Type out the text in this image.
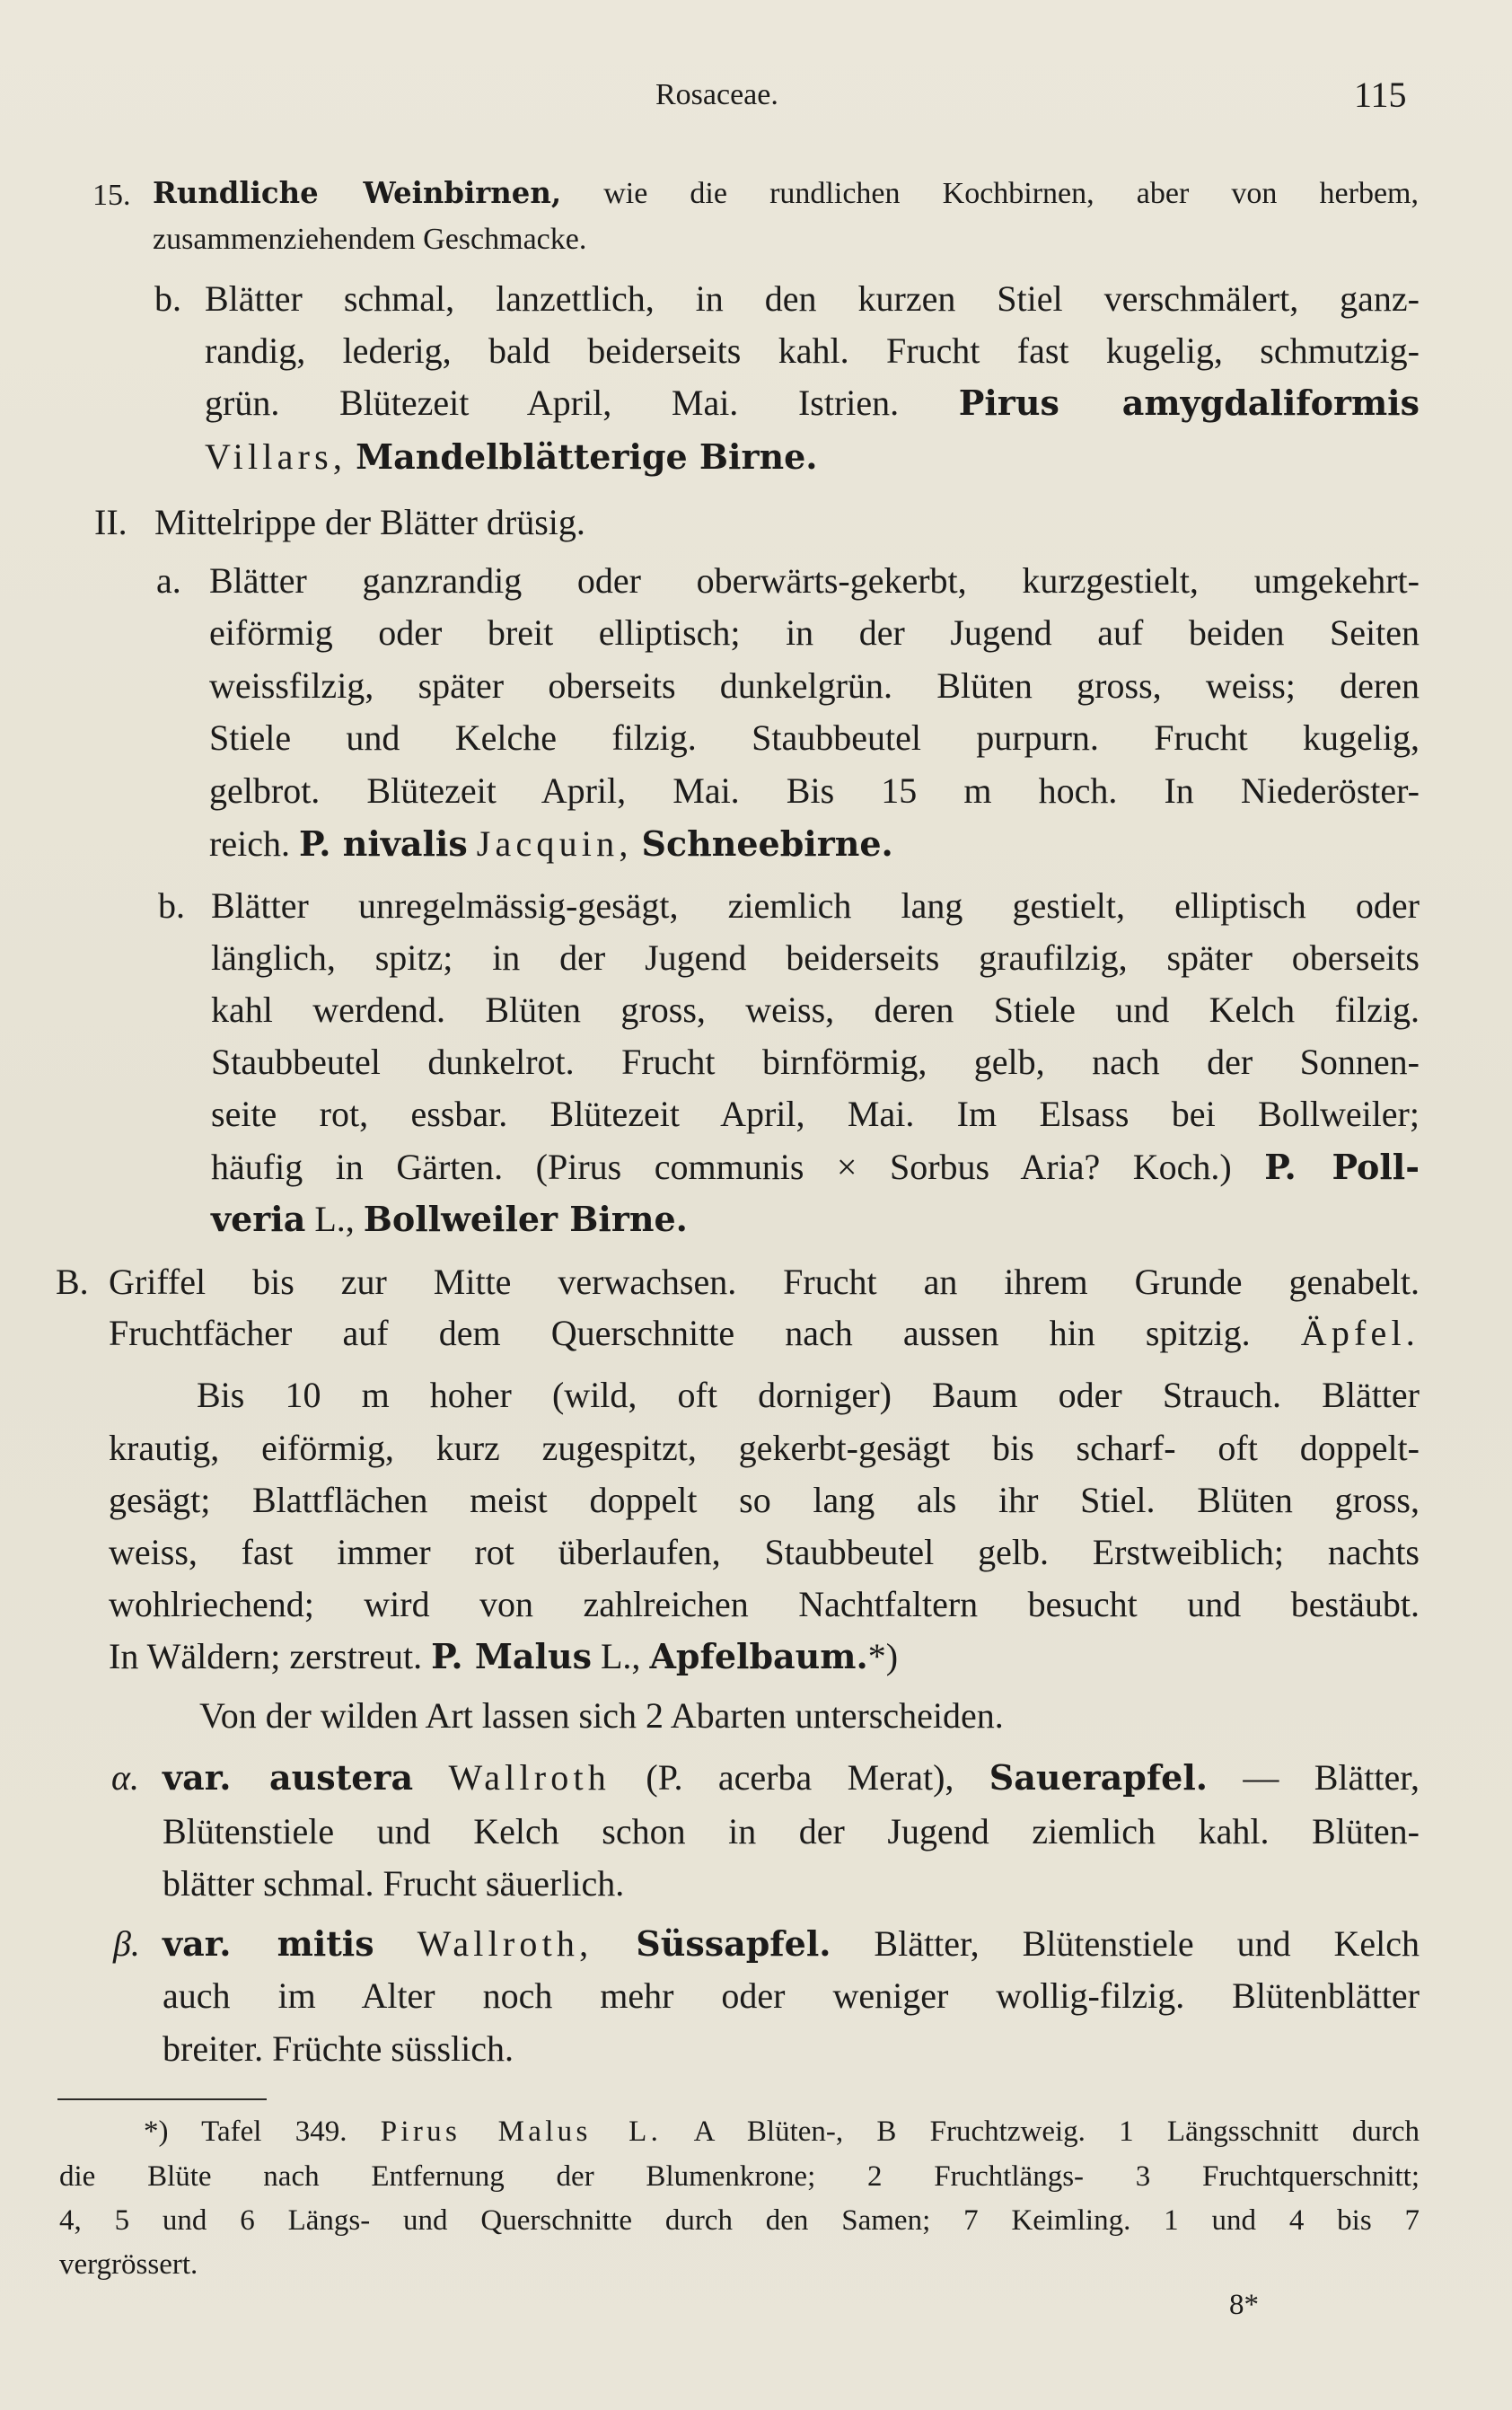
Rosaceae.	115
15. Rundliche Weinbirnen, wie die rundlichen Kochbirnen, aber von herbem,
zusammenziehendem Geschmacke.
b. Blätter schmal, lanzettlich, in den kurzen Stiel verschmälert, ganz-
randig, lederig, bald beiderseits kahl. Frucht fast kugelig, schmutzig-
grün. Blütezeit April, Mai. Istrien. Pirus amygdaliformis
Villars, Mandelblätterige Birne.
II. Mittelrippe der Blätter drüsig.
a. Blätter ganzrandig oder oberwärts-gekerbt, kurzgestielt, umgekehrt-
eiförmig oder breit elliptisch; in der Jugend auf beiden Seiten
weissfilzig, später oberseits dunkelgrün. Blüten gross, weiss; deren
Stiele und Kelche filzig. Staubbeutel purpurn. Frucht kugelig,
gelbrot. Blütezeit April, Mai. Bis 15 m hoch. In Niederöster-
reich. P. nivalis Jacquin, Schneebirne.
b. Blätter unregelmässig-gesägt, ziemlich lang gestielt, elliptisch oder
länglich, spitz; in der Jugend beiderseits graufilzig, später oberseits
kahl werdend. Blüten gross, weiss, deren Stiele und Kelch filzig.
Staubbeutel dunkelrot. Frucht birnförmig, gelb, nach der Sonnen-
seite rot, essbar. Blütezeit April, Mai. Im Elsass bei Bollweiler;
häufig in Gärten. (Pirus communis × Sorbus Aria? Koch.) P. Poll-
veria L., Bollweiler Birne.
B. Griffel bis zur Mitte verwachsen. Frucht an ihrem Grunde genabelt.
Fruchtfächer auf dem Querschnitte nach aussen hin spitzig. Äpfel.
Bis 10 m hoher (wild, oft dorniger) Baum oder Strauch. Blätter
krautig, eiförmig, kurz zugespitzt, gekerbt-gesägt bis scharf- oft doppelt-
gesägt; Blattflächen meist doppelt so lang als ihr Stiel. Blüten gross,
weiss, fast immer rot überlaufen, Staubbeutel gelb. Erstweiblich; nachts
wohlriechend; wird von zahlreichen Nachtfaltern besucht und bestäubt.
In Wäldern; zerstreut. P. Malus L., Apfelbaum.*)
Von der wilden Art lassen sich 2 Abarten unterscheiden.
α. var. austera Wallroth (P. acerba Merat), Sauerapfel. — Blätter,
Blütenstiele und Kelch schon in der Jugend ziemlich kahl. Blüten-
blätter schmal. Frucht säuerlich.
β. var. mitis Wallroth, Süssapfel. Blätter, Blütenstiele und Kelch
auch im Alter noch mehr oder weniger wollig-filzig. Blütenblätter
breiter. Früchte süsslich.
*) Tafel 349. Pirus Malus L. A Blüten-, B Fruchtzweig. 1 Längsschnitt durch
die Blüte nach Entfernung der Blumenkrone; 2 Fruchtlängs- 3 Fruchtquerschnitt;
4, 5 und 6 Längs- und Querschnitte durch den Samen; 7 Keimling. 1 und 4 bis 7
vergrössert.
8*
